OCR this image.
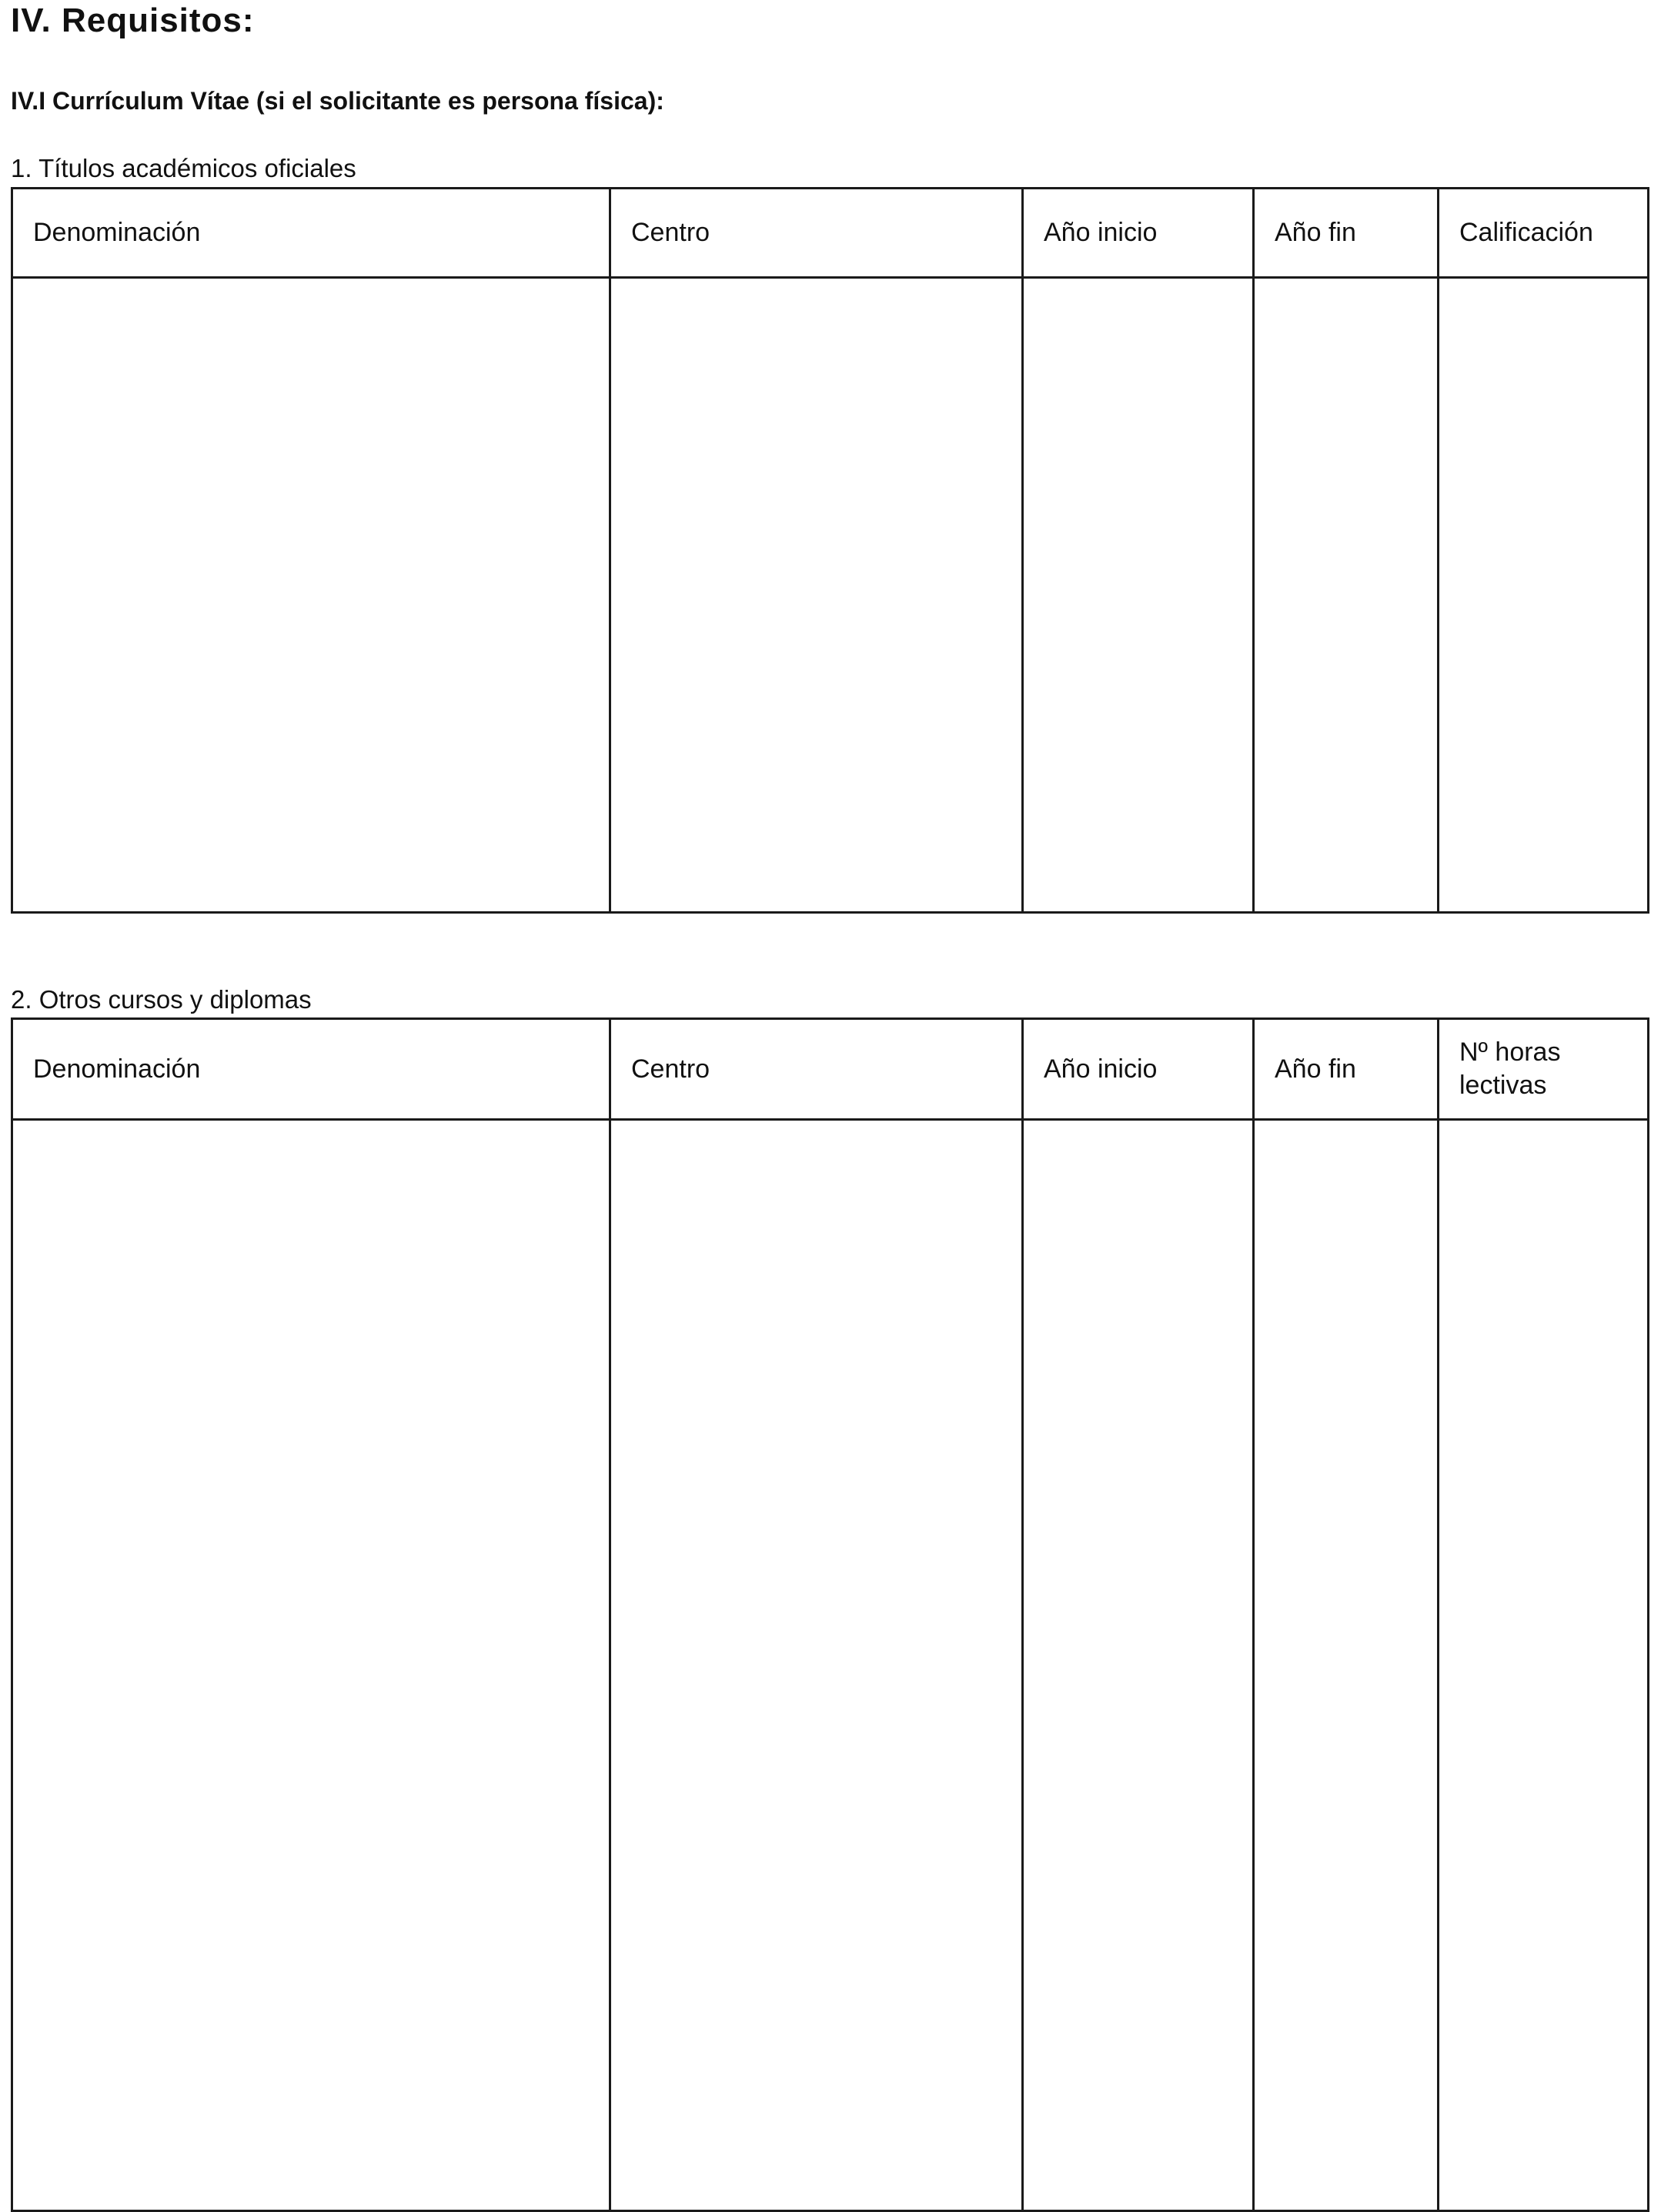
IV. Requisitos:
IV.I Currículum Vítae (si el solicitante es persona física):
1. Títulos académicos oficiales
Denominación	Centro	Año inicio	Año fin	Calificación

2. Otros cursos y diplomas
Denominación	Centro	Año inicio	Año fin	Nº horas
lectivas
